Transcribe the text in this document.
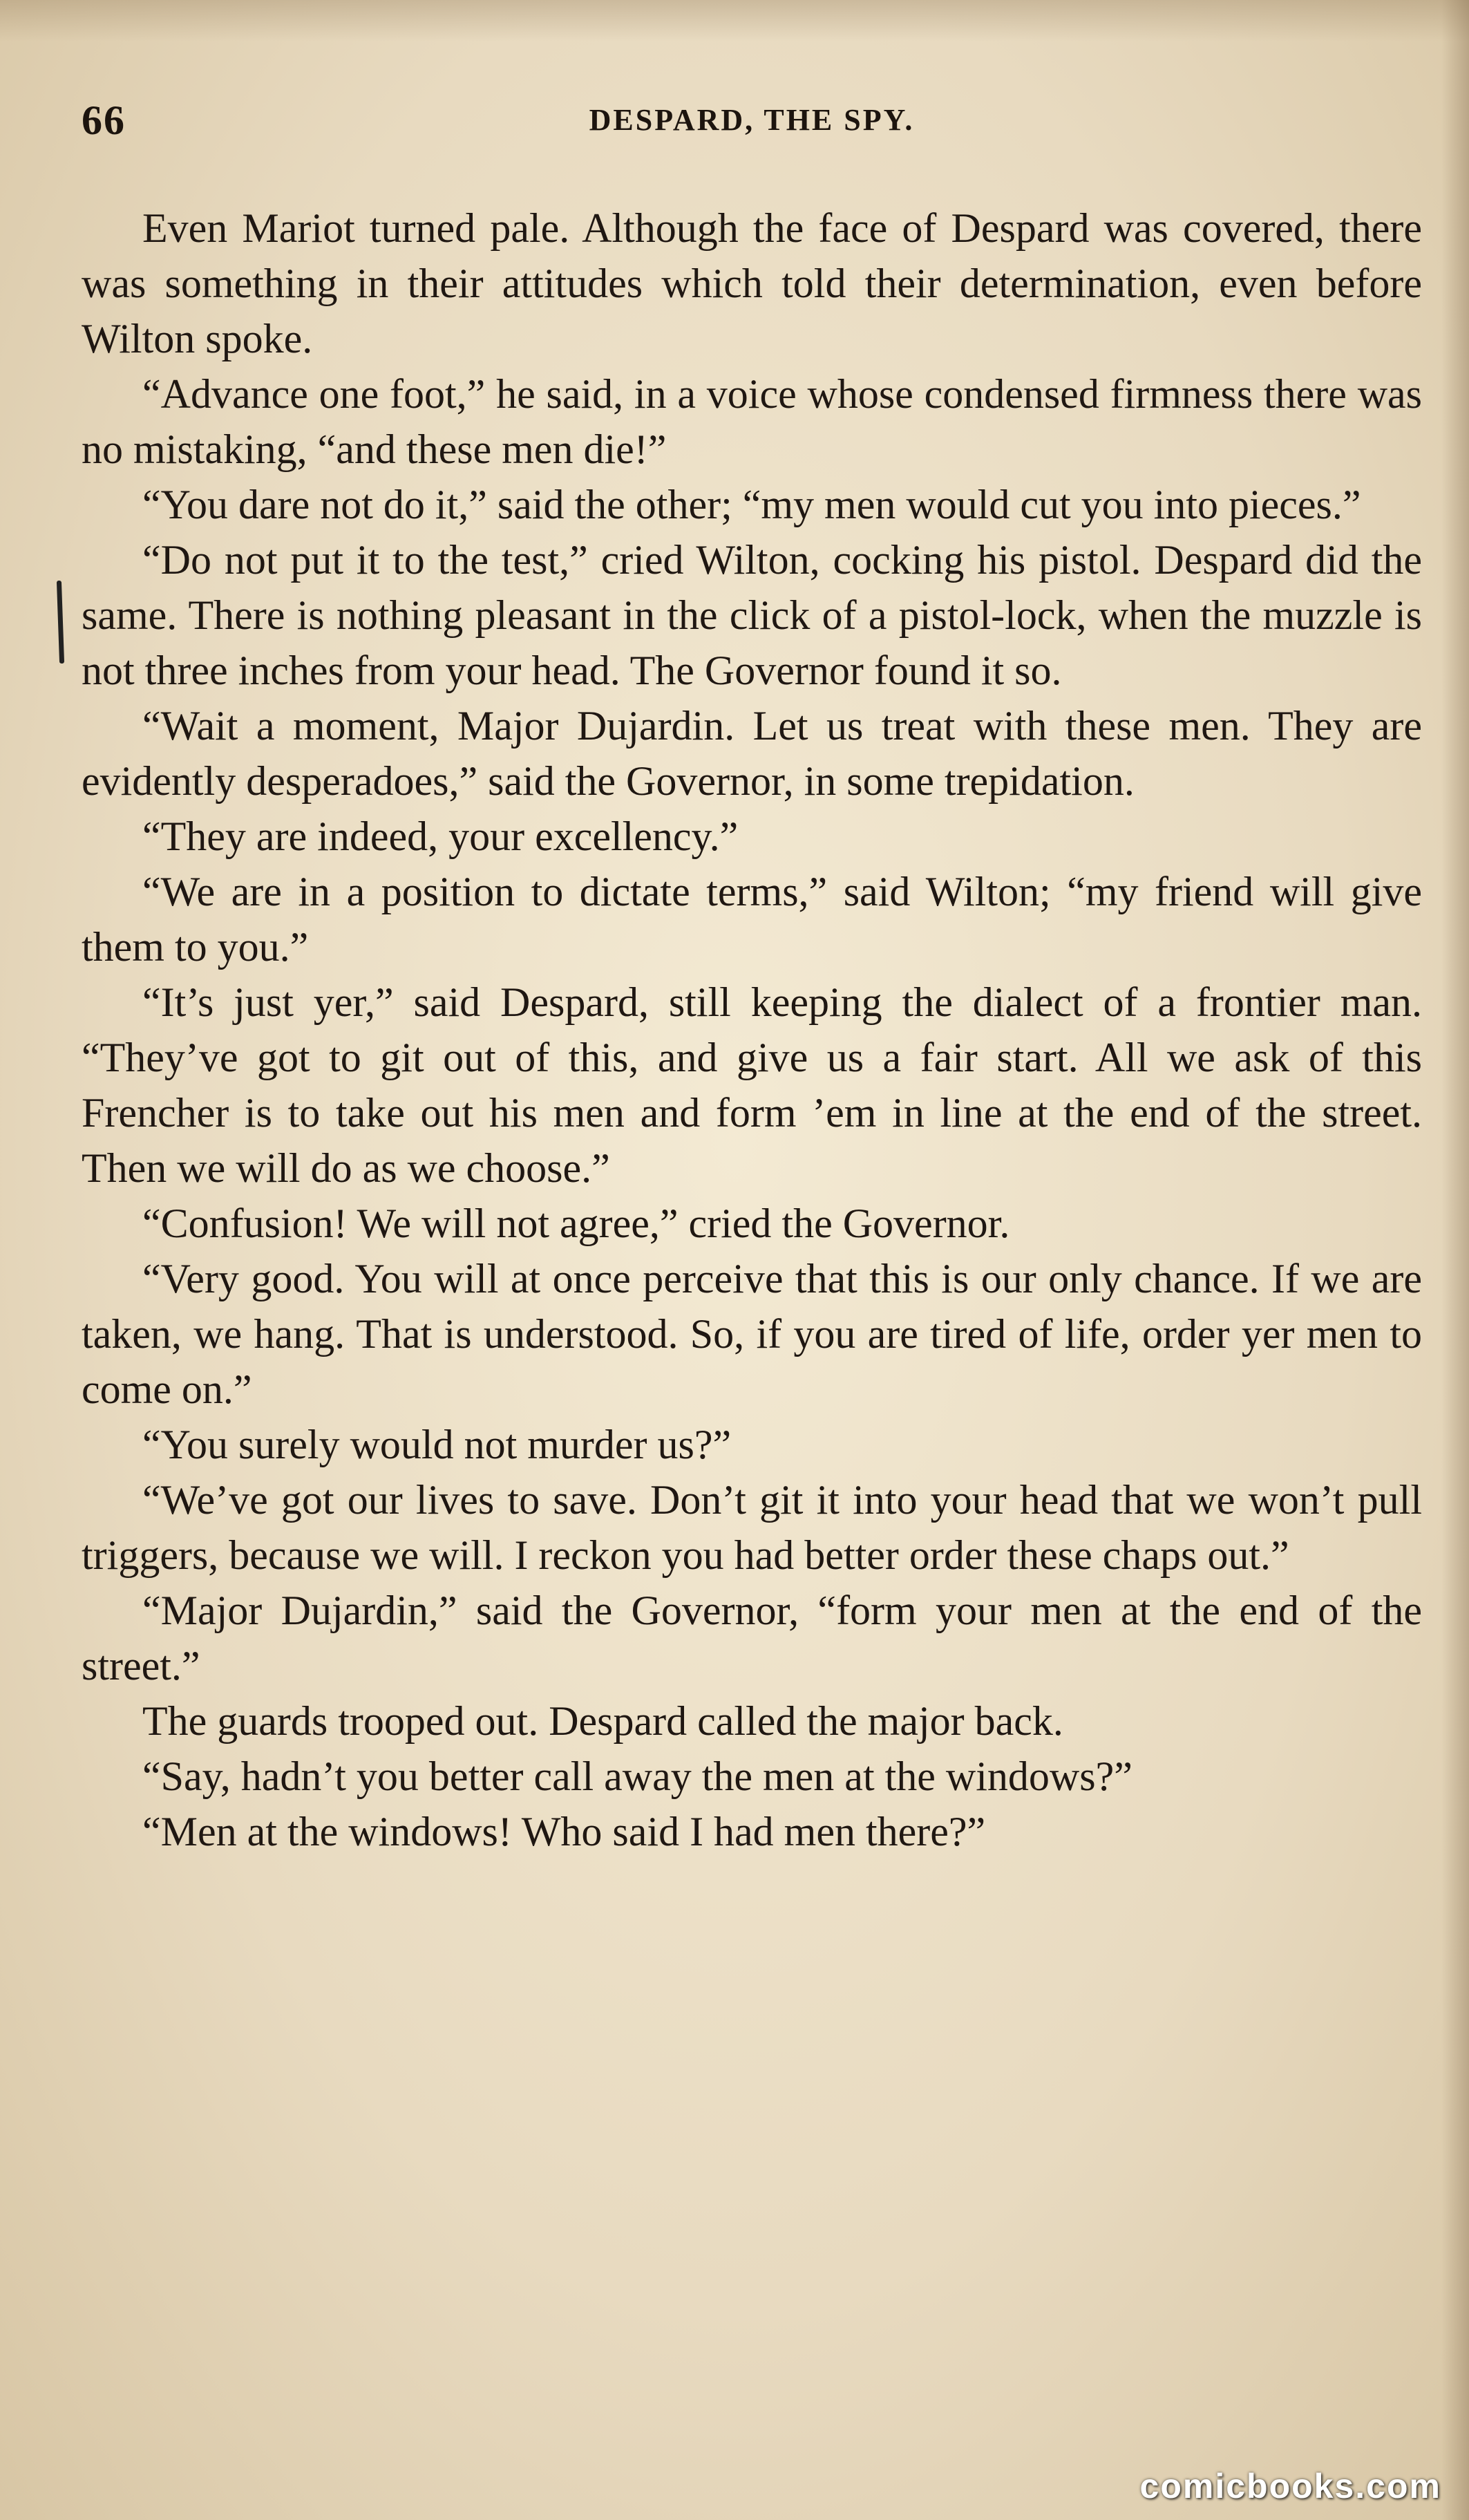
66	DESPARD, THE SPY.

Even Mariot turned pale. Although the face of Despard was covered, there was something in their attitudes which told their determination, even before Wilton spoke.

“Advance one foot,” he said, in a voice whose condensed firmness there was no mistaking, “and these men die!”

“You dare not do it,” said the other; “my men would cut you into pieces.”

“Do not put it to the test,” cried Wilton, cocking his pistol. Despard did the same. There is nothing pleasant in the click of a pistol-lock, when the muzzle is not three inches from your head. The Governor found it so.

“Wait a moment, Major Dujardin. Let us treat with these men. They are evidently desperadoes,” said the Governor, in some trepidation.

“They are indeed, your excellency.”

“We are in a position to dictate terms,” said Wilton; “my friend will give them to you.”

“It’s just yer,” said Despard, still keeping the dialect of a frontier man. “They’ve got to git out of this, and give us a fair start. All we ask of this Frencher is to take out his men and form ’em in line at the end of the street. Then we will do as we choose.”

“Confusion! We will not agree,” cried the Governor.

“Very good. You will at once perceive that this is our only chance. If we are taken, we hang. That is understood. So, if you are tired of life, order yer men to come on.”

“You surely would not murder us?”

“We’ve got our lives to save. Don’t git it into your head that we won’t pull triggers, because we will. I reckon you had better order these chaps out.”

“Major Dujardin,” said the Governor, “form your men at the end of the street.”

The guards trooped out. Despard called the major back.

“Say, hadn’t you better call away the men at the windows?”

“Men at the windows! Who said I had men there?”

comicbooks.com
